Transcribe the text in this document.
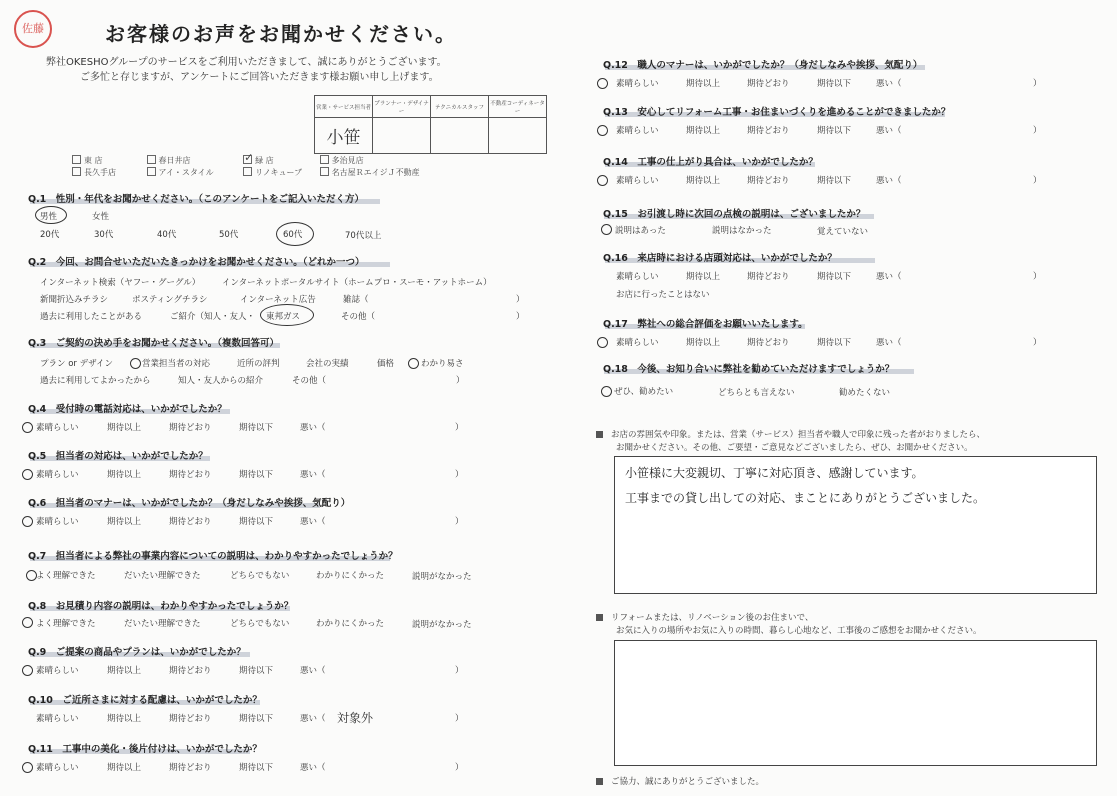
佐藤	お客様のお声をお聞かせください。
弊社OKESHOグループのサービスをご利用いただきまして、誠にありがとうございます。
ご多忙と存じますが、アンケートにご回答いただきます様お願い申し上げます。
営業・サービス担当者	プランナー・デザイナー	テクニカルスタッフ	不動産コーディネーター
小笹			
東 店	春日井店	✓ 緑 店	多治見店
長久手店	アイ・スタイル	リノキューブ	名古屋ＲエイジＪ不動産
Q.1　性別・年代をお聞かせください。（このアンケートをご記入いただく方）
男性	女性
20代	30代	40代	50代	60代	70代以上
Q.2　今回、お問合せいただいたきっかけをお聞かせください。（どれか一つ）
インターネット検索（ヤフー・グーグル）	インターネットポータルサイト（ホームプロ・スーモ・アットホーム）
新聞折込みチラシ	ポスティングチラシ	インターネット広告	雑誌（	）
過去に利用したことがある	ご紹介（知人・友人・ 東邦ガス	その他（	）
Q.3　ご契約の決め手をお聞かせください。（複数回答可）
プラン or デザイン	営業担当者の対応	近所の評判	会社の実績	価格	わかり易さ
過去に利用してよかったから	知人・友人からの紹介	その他（	）
Q.4　受付時の電話対応は、いかがでしたか？
素晴らしい	期待以上	期待どおり	期待以下	悪い（	）
Q.5　担当者の対応は、いかがでしたか？
素晴らしい	期待以上	期待どおり	期待以下	悪い（	）
Q.6　担当者のマナーは、いかがでしたか？（身だしなみや挨拶、気配り）
素晴らしい	期待以上	期待どおり	期待以下	悪い（	）
Q.9　ご提案の商品やプランは、いかがでしたか？
素晴らしい	期待以上	期待どおり	期待以下	悪い（	）
Q.10　ご近所さまに対する配慮は、いかがでしたか？
素晴らしい	期待以上	期待どおり	期待以下	悪い（	）
Q.11　工事中の美化・後片付けは、いかがでしたか？
素晴らしい	期待以上	期待どおり	期待以下	悪い（	）
Q.12　職人のマナーは、いかがでしたか？（身だしなみや挨拶、気配り）
素晴らしい	期待以上	期待どおり	期待以下	悪い（	）
Q.13　安心してリフォーム工事・お住まいづくりを進めることができましたか？
素晴らしい	期待以上	期待どおり	期待以下	悪い（	）
Q.14　工事の仕上がり具合は、いかがでしたか？
素晴らしい	期待以上	期待どおり	期待以下	悪い（	）
Q.16　来店時における店頭対応は、いかがでしたか？
素晴らしい	期待以上	期待どおり	期待以下	悪い（	）
Q.17　弊社への総合評価をお願いいたします。
素晴らしい	期待以上	期待どおり	期待以下	悪い（	）
Q.7　担当者による弊社の事業内容についての説明は、わかりやすかったでしょうか？
よく理解できた	だいたい理解できた	どちらでもない	わかりにくかった	説明がなかった
Q.8　お見積り内容の説明は、わかりやすかったでしょうか？
よく理解できた	だいたい理解できた	どちらでもない	わかりにくかった	説明がなかった
対象外
Q.15　お引渡し時に次回の点検の説明は、ございましたか？
説明はあった	説明はなかった	覚えていない
お店に行ったことはない
Q.18　今後、お知り合いに弊社を勧めていただけますでしょうか？
ぜひ、勧めたい	どちらとも言えない	勧めたくない
お店の雰囲気や印象。または、営業（サービス）担当者や職人で印象に残った者がおりましたら、
お聞かせください。その他、ご要望・ご意見などございましたら、ぜひ、お聞かせください。
小笹様に大変親切、丁寧に対応頂き、感謝しています。
工事までの貸し出しての対応、まことにありがとうございました。
リフォームまたは、リノベーション後のお住まいで、
お気に入りの場所やお気に入りの時間、暮らし心地など、工事後のご感想をお聞かせください。
ご協力、誠にありがとうございました。
